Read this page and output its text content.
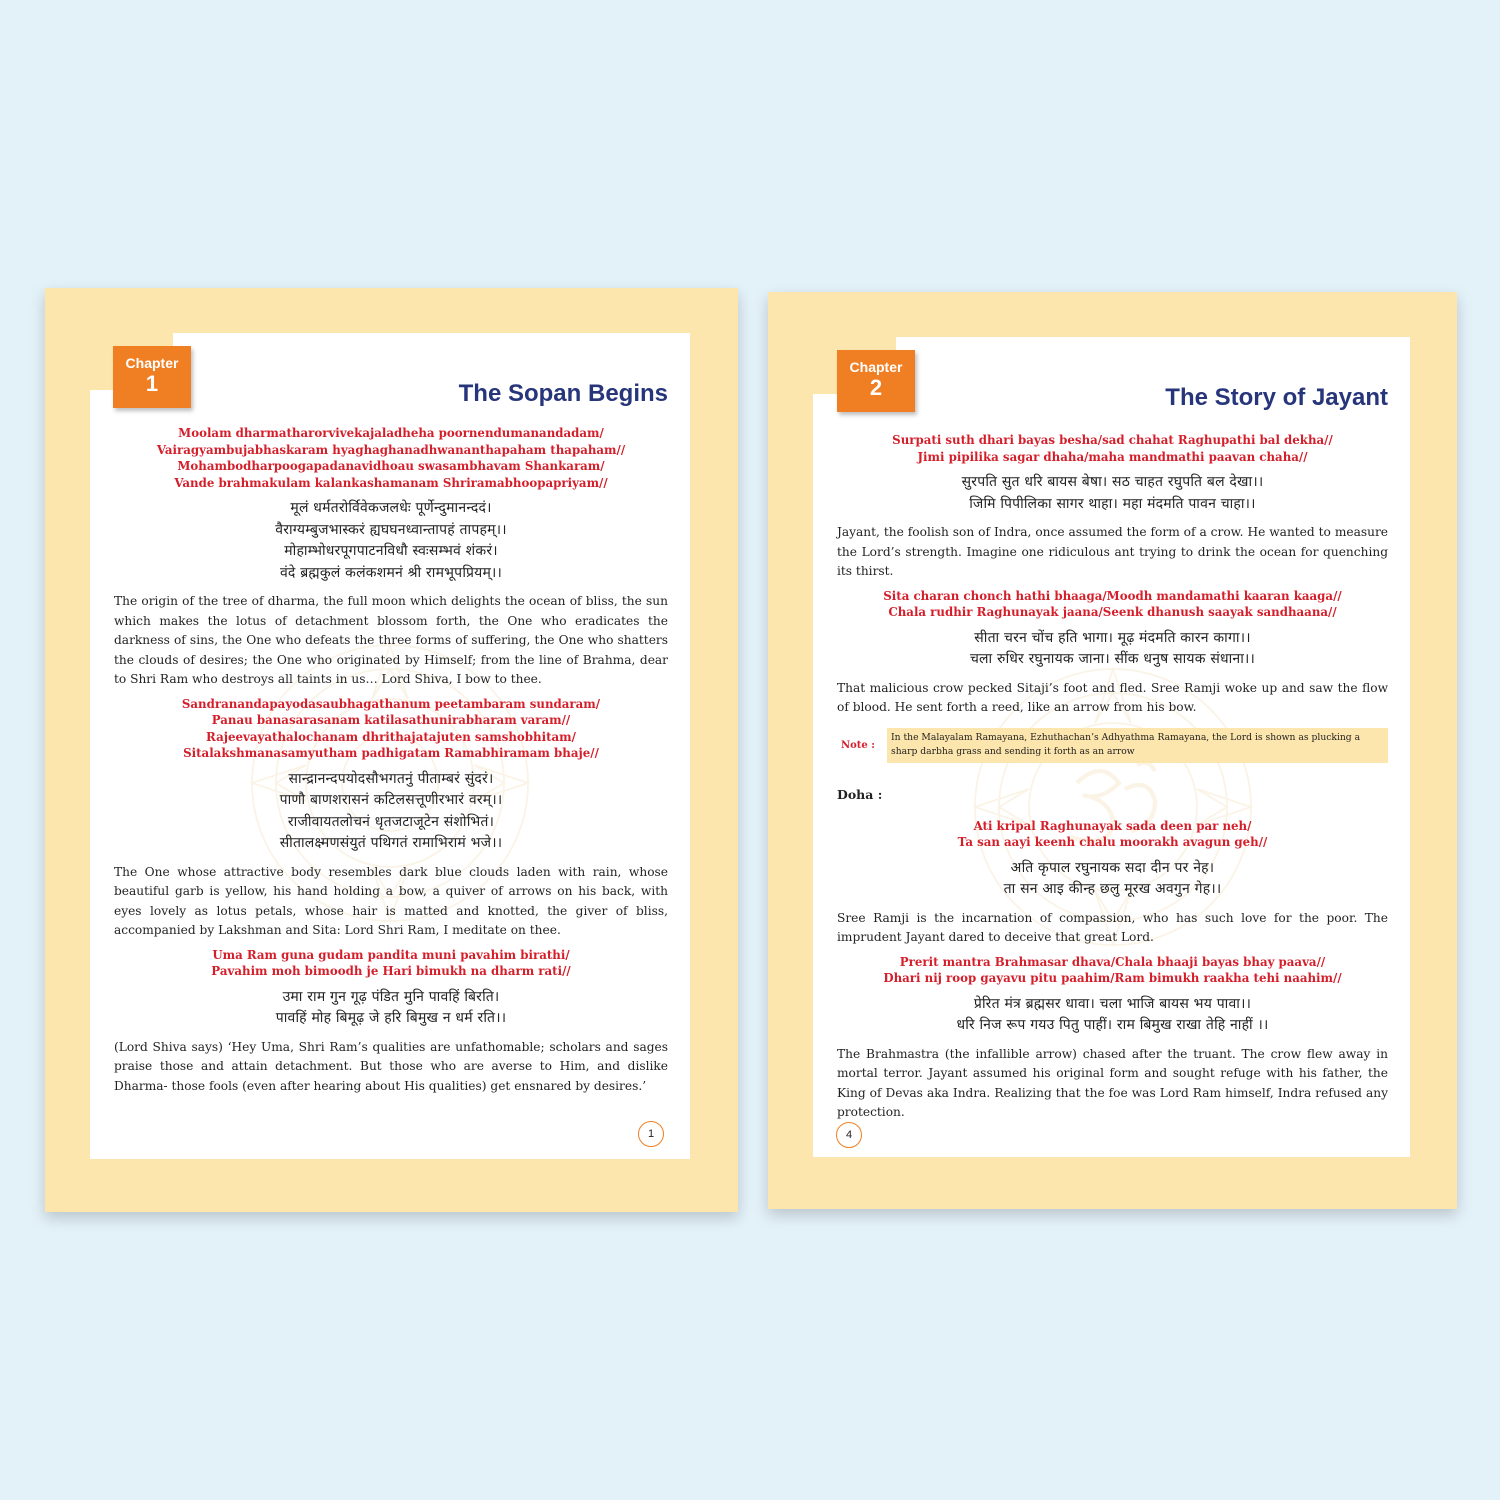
The Sopan Begins
Moolam dharmatharorvivekajaladheha poornendumanandadam/
Vairagyambujabhaskaram hyaghaghanadhwananthapaham thapaham//
Mohambodharpoogapadanavidhoau swasambhavam Shankaram/
Vande brahmakulam kalankashamanam Shriramabhoopapriyam//
मूलं धर्मतरोर्विवेकजलधेः पूर्णेन्दुमानन्ददं।
वैराग्यम्बुजभास्करं ह्यघघनध्वान्तापहं तापहम्।।
मोहाम्भोधरपूगपाटनविधौ स्वःसम्भवं शंकरं।
वंदे ब्रह्मकुलं कलंकशमनं श्री रामभूपप्रियम्।।
The origin of the tree of dharma, the full moon which delights the ocean of bliss, the sun which makes the lotus of detachment blossom forth, the One who eradicates the darkness of sins, the One who defeats the three forms of suffering, the One who shatters the clouds of desires; the One who originated by Himself; from the line of Brahma, dear to Shri Ram who destroys all taints in us… Lord Shiva, I bow to thee.
Sandranandapayodasaubhagathanum peetambaram sundaram/
Panau banasarasanam katilasathunirabharam varam//
Rajeevayathalochanam dhrithajatajuten samshobhitam/
Sitalakshmanasamyutham padhigatam Ramabhiramam bhaje//
सान्द्रानन्दपयोदसौभगतनुं पीताम्बरं सुंदरं।
पाणौ बाणशरासनं कटिलसत्तूणीरभारं वरम्।।
राजीवायतलोचनं धृतजटाजूटेन संशोभितं।
सीतालक्ष्मणसंयुतं पथिगतं रामाभिरामं भजे।।
The One whose attractive body resembles dark blue clouds laden with rain, whose beautiful garb is yellow, his hand holding a bow, a quiver of arrows on his back, with eyes lovely as lotus petals, whose hair is matted and knotted, the giver of bliss, accompanied by Lakshman and Sita: Lord Shri Ram, I meditate on thee.
Uma Ram guna gudam pandita muni pavahim birathi/
Pavahim moh bimoodh je Hari bimukh na dharm rati//
उमा राम गुन गूढ़ पंडित मुनि पावहिं बिरति।
पावहिं मोह बिमूढ़ जे हरि बिमुख न धर्म रति।।
(Lord Shiva says) ‘Hey Uma, Shri Ram’s qualities are unfathomable; scholars and sages praise those and attain detachment. But those who are averse to Him, and dislike Dharma- those fools (even after hearing about His qualities) get ensnared by desires.’
1
Chapter
1
The Story of Jayant
Surpati suth dhari bayas besha/sad chahat Raghupathi bal dekha//
Jimi pipilika sagar dhaha/maha mandmathi paavan chaha//
सुरपति सुत धरि बायस बेषा। सठ चाहत रघुपति बल देखा।।
जिमि पिपीलिका सागर थाहा। महा मंदमति पावन चाहा।।
Jayant, the foolish son of Indra, once assumed the form of a crow. He wanted to measure the Lord’s strength. Imagine one ridiculous ant trying to drink the ocean for quenching its thirst.
Sita charan chonch hathi bhaaga/Moodh mandamathi kaaran kaaga//
Chala rudhir Raghunayak jaana/Seenk dhanush saayak sandhaana//
सीता चरन चोंच हति भागा। मूढ़ मंदमति कारन कागा।।
चला रुधिर रघुनायक जाना। सींक धनुष सायक संधाना।।
That malicious crow pecked Sitaji’s foot and fled. Sree Ramji woke up and saw the flow of blood. He sent forth a reed, like an arrow from his bow.
Note :
In the Malayalam Ramayana, Ezhuthachan’s Adhyathma Ramayana, the Lord is shown as plucking a sharp darbha grass and sending it forth as an arrow
Doha :
Ati kripal Raghunayak sada deen par neh/
Ta san aayi keenh chalu moorakh avagun geh//
अति कृपाल रघुनायक सदा दीन पर नेह।
ता सन आइ कीन्ह छलु मूरख अवगुन गेह।।
Sree Ramji is the incarnation of compassion, who has such love for the poor. The imprudent Jayant dared to deceive that great Lord.
Prerit mantra Brahmasar dhava/Chala bhaaji bayas bhay paava//
Dhari nij roop gayavu pitu paahim/Ram bimukh raakha tehi naahim//
प्रेरित मंत्र ब्रह्मसर धावा। चला भाजि बायस भय पावा।।
धरि निज रूप गयउ पितु पाहीं। राम बिमुख राखा तेहि नाहीं ।।
The Brahmastra (the infallible arrow) chased after the truant. The crow flew away in mortal terror. Jayant assumed his original form and sought refuge with his father, the King of Devas aka Indra. Realizing that the foe was Lord Ram himself, Indra refused any protection.
4
Chapter
2
